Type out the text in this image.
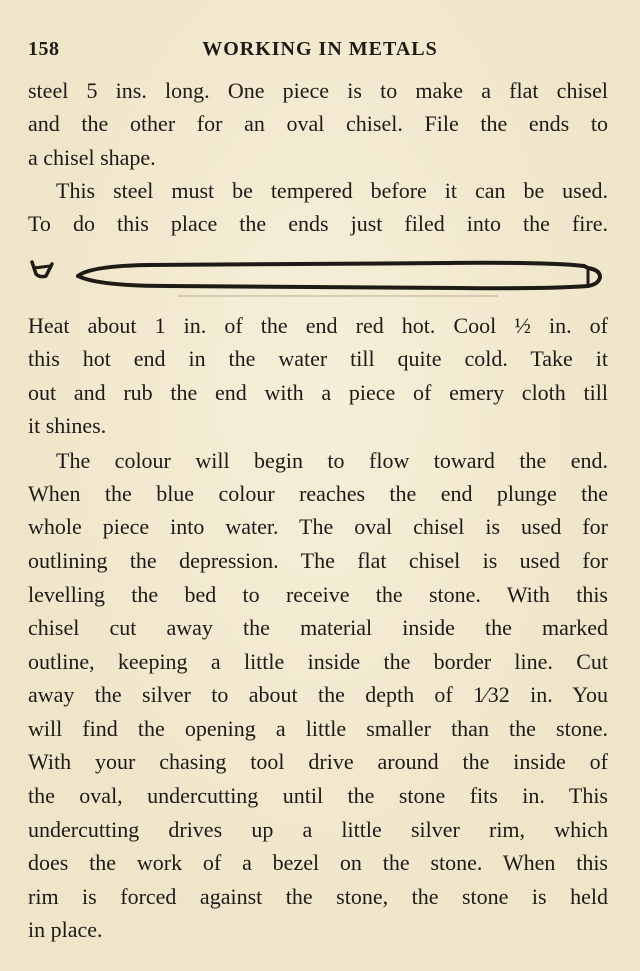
158	WORKING IN METALS
steel 5 ins. long. One piece is to make a flat chisel
and the other for an oval chisel. File the ends to
a chisel shape.
This steel must be tempered before it can be used.
To do this place the ends just filed into the fire.
Heat about 1 in. of the end red hot. Cool ½ in. of
this hot end in the water till quite cold. Take it
out and rub the end with a piece of emery cloth till
it shines.
The colour will begin to flow toward the end.
When the blue colour reaches the end plunge the
whole piece into water. The oval chisel is used for
outlining the depression. The flat chisel is used for
levelling the bed to receive the stone. With this
chisel cut away the material inside the marked
outline, keeping a little inside the border line. Cut
away the silver to about the depth of 1⁄32 in. You
will find the opening a little smaller than the stone.
With your chasing tool drive around the inside of
the oval, undercutting until the stone fits in. This
undercutting drives up a little silver rim, which
does the work of a bezel on the stone. When this
rim is forced against the stone, the stone is held
in place.
